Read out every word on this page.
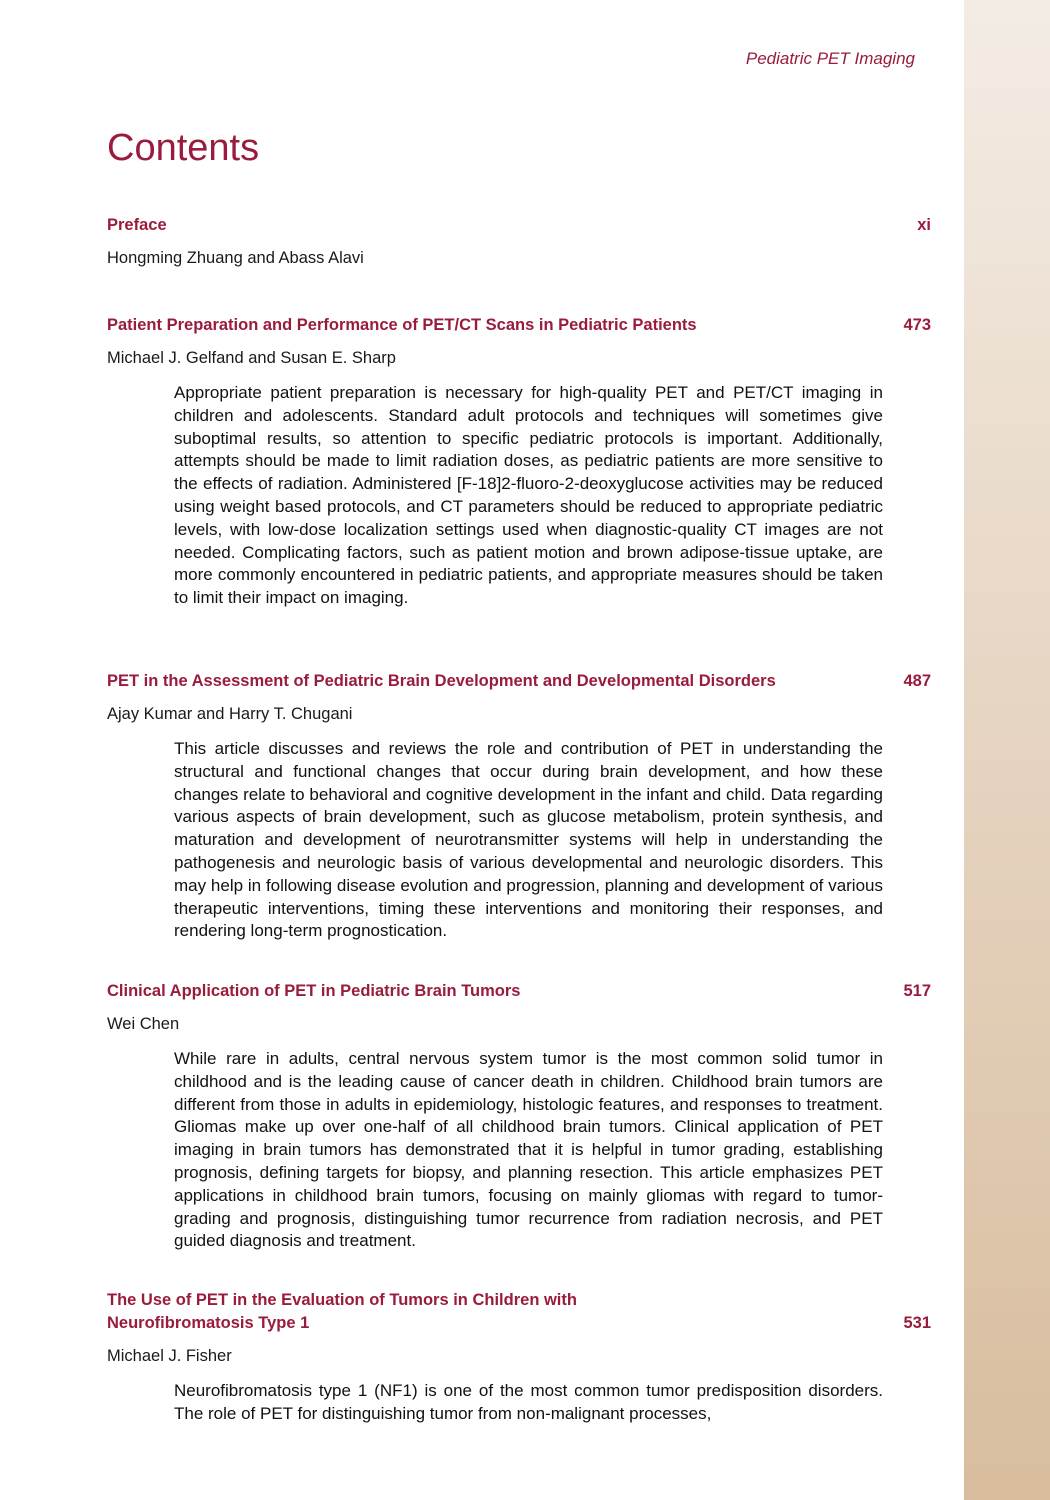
Pediatric PET Imaging
Contents
Preface	xi
Hongming Zhuang and Abass Alavi
Patient Preparation and Performance of PET/CT Scans in Pediatric Patients	473
Michael J. Gelfand and Susan E. Sharp

Appropriate patient preparation is necessary for high-quality PET and PET/CT imaging in children and adolescents. Standard adult protocols and techniques will sometimes give suboptimal results, so attention to specific pediatric protocols is important. Additionally, attempts should be made to limit radiation doses, as pediatric patients are more sensitive to the effects of radiation. Administered [F-18]2-fluoro-2-deoxyglucose activities may be reduced using weight based protocols, and CT parameters should be reduced to appropriate pediatric levels, with low-dose localization settings used when diagnostic-quality CT images are not needed. Complicating factors, such as patient motion and brown adipose-tissue uptake, are more commonly encountered in pediatric patients, and appropriate measures should be taken to limit their impact on imaging.

PET in the Assessment of Pediatric Brain Development and Developmental Disorders	487
Ajay Kumar and Harry T. Chugani

This article discusses and reviews the role and contribution of PET in understanding the structural and functional changes that occur during brain development, and how these changes relate to behavioral and cognitive development in the infant and child. Data regarding various aspects of brain development, such as glucose metabolism, protein synthesis, and maturation and development of neurotransmitter systems will help in understanding the pathogenesis and neurologic basis of various developmental and neurologic disorders. This may help in following disease evolution and progression, planning and development of various therapeutic interventions, timing these interventions and monitoring their responses, and rendering long-term prognostication.

Clinical Application of PET in Pediatric Brain Tumors	517
Wei Chen

While rare in adults, central nervous system tumor is the most common solid tumor in childhood and is the leading cause of cancer death in children. Childhood brain tumors are different from those in adults in epidemiology, histologic features, and responses to treatment. Gliomas make up over one-half of all childhood brain tumors. Clinical application of PET imaging in brain tumors has demonstrated that it is helpful in tumor grading, establishing prognosis, defining targets for biopsy, and planning resection. This article emphasizes PET applications in childhood brain tumors, focusing on mainly gliomas with regard to tumor-grading and prognosis, distinguishing tumor recurrence from radiation necrosis, and PET guided diagnosis and treatment.

The Use of PET in the Evaluation of Tumors in Children with Neurofibromatosis Type 1	531
Michael J. Fisher

Neurofibromatosis type 1 (NF1) is one of the most common tumor predisposition disorders. The role of PET for distinguishing tumor from non-malignant processes,
